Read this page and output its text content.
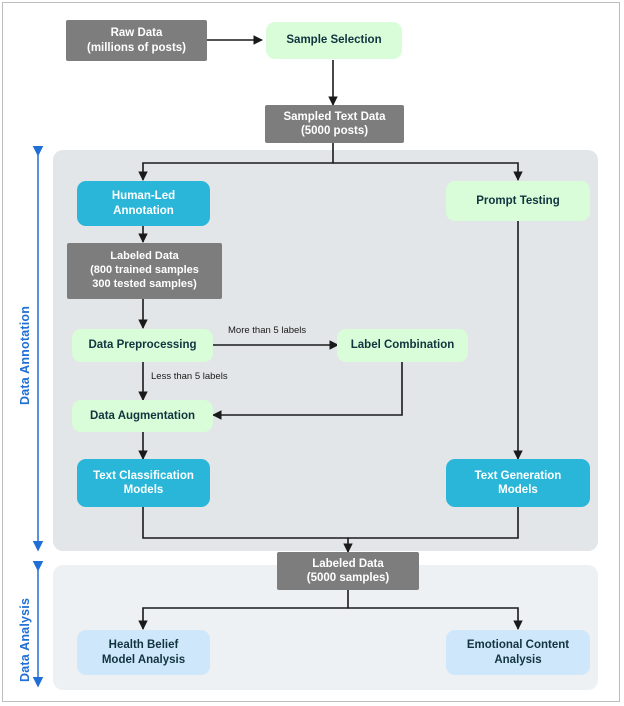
Data Annotation
Data Analysis
Raw Data
(millions of posts)
Sample Selection
Sampled Text Data
(5000 posts)
Human-Led
Annotation
Prompt Testing
Labeled Data
(800 trained samples
300 tested samples)
Data Preprocessing	Label Combination
Data Augmentation
Text Classification
Models
Text Generation
Models
Labeled Data
(5000 samples)
Health Belief
Model Analysis
Emotional Content
Analysis
More than 5 labels
Less than 5 labels
